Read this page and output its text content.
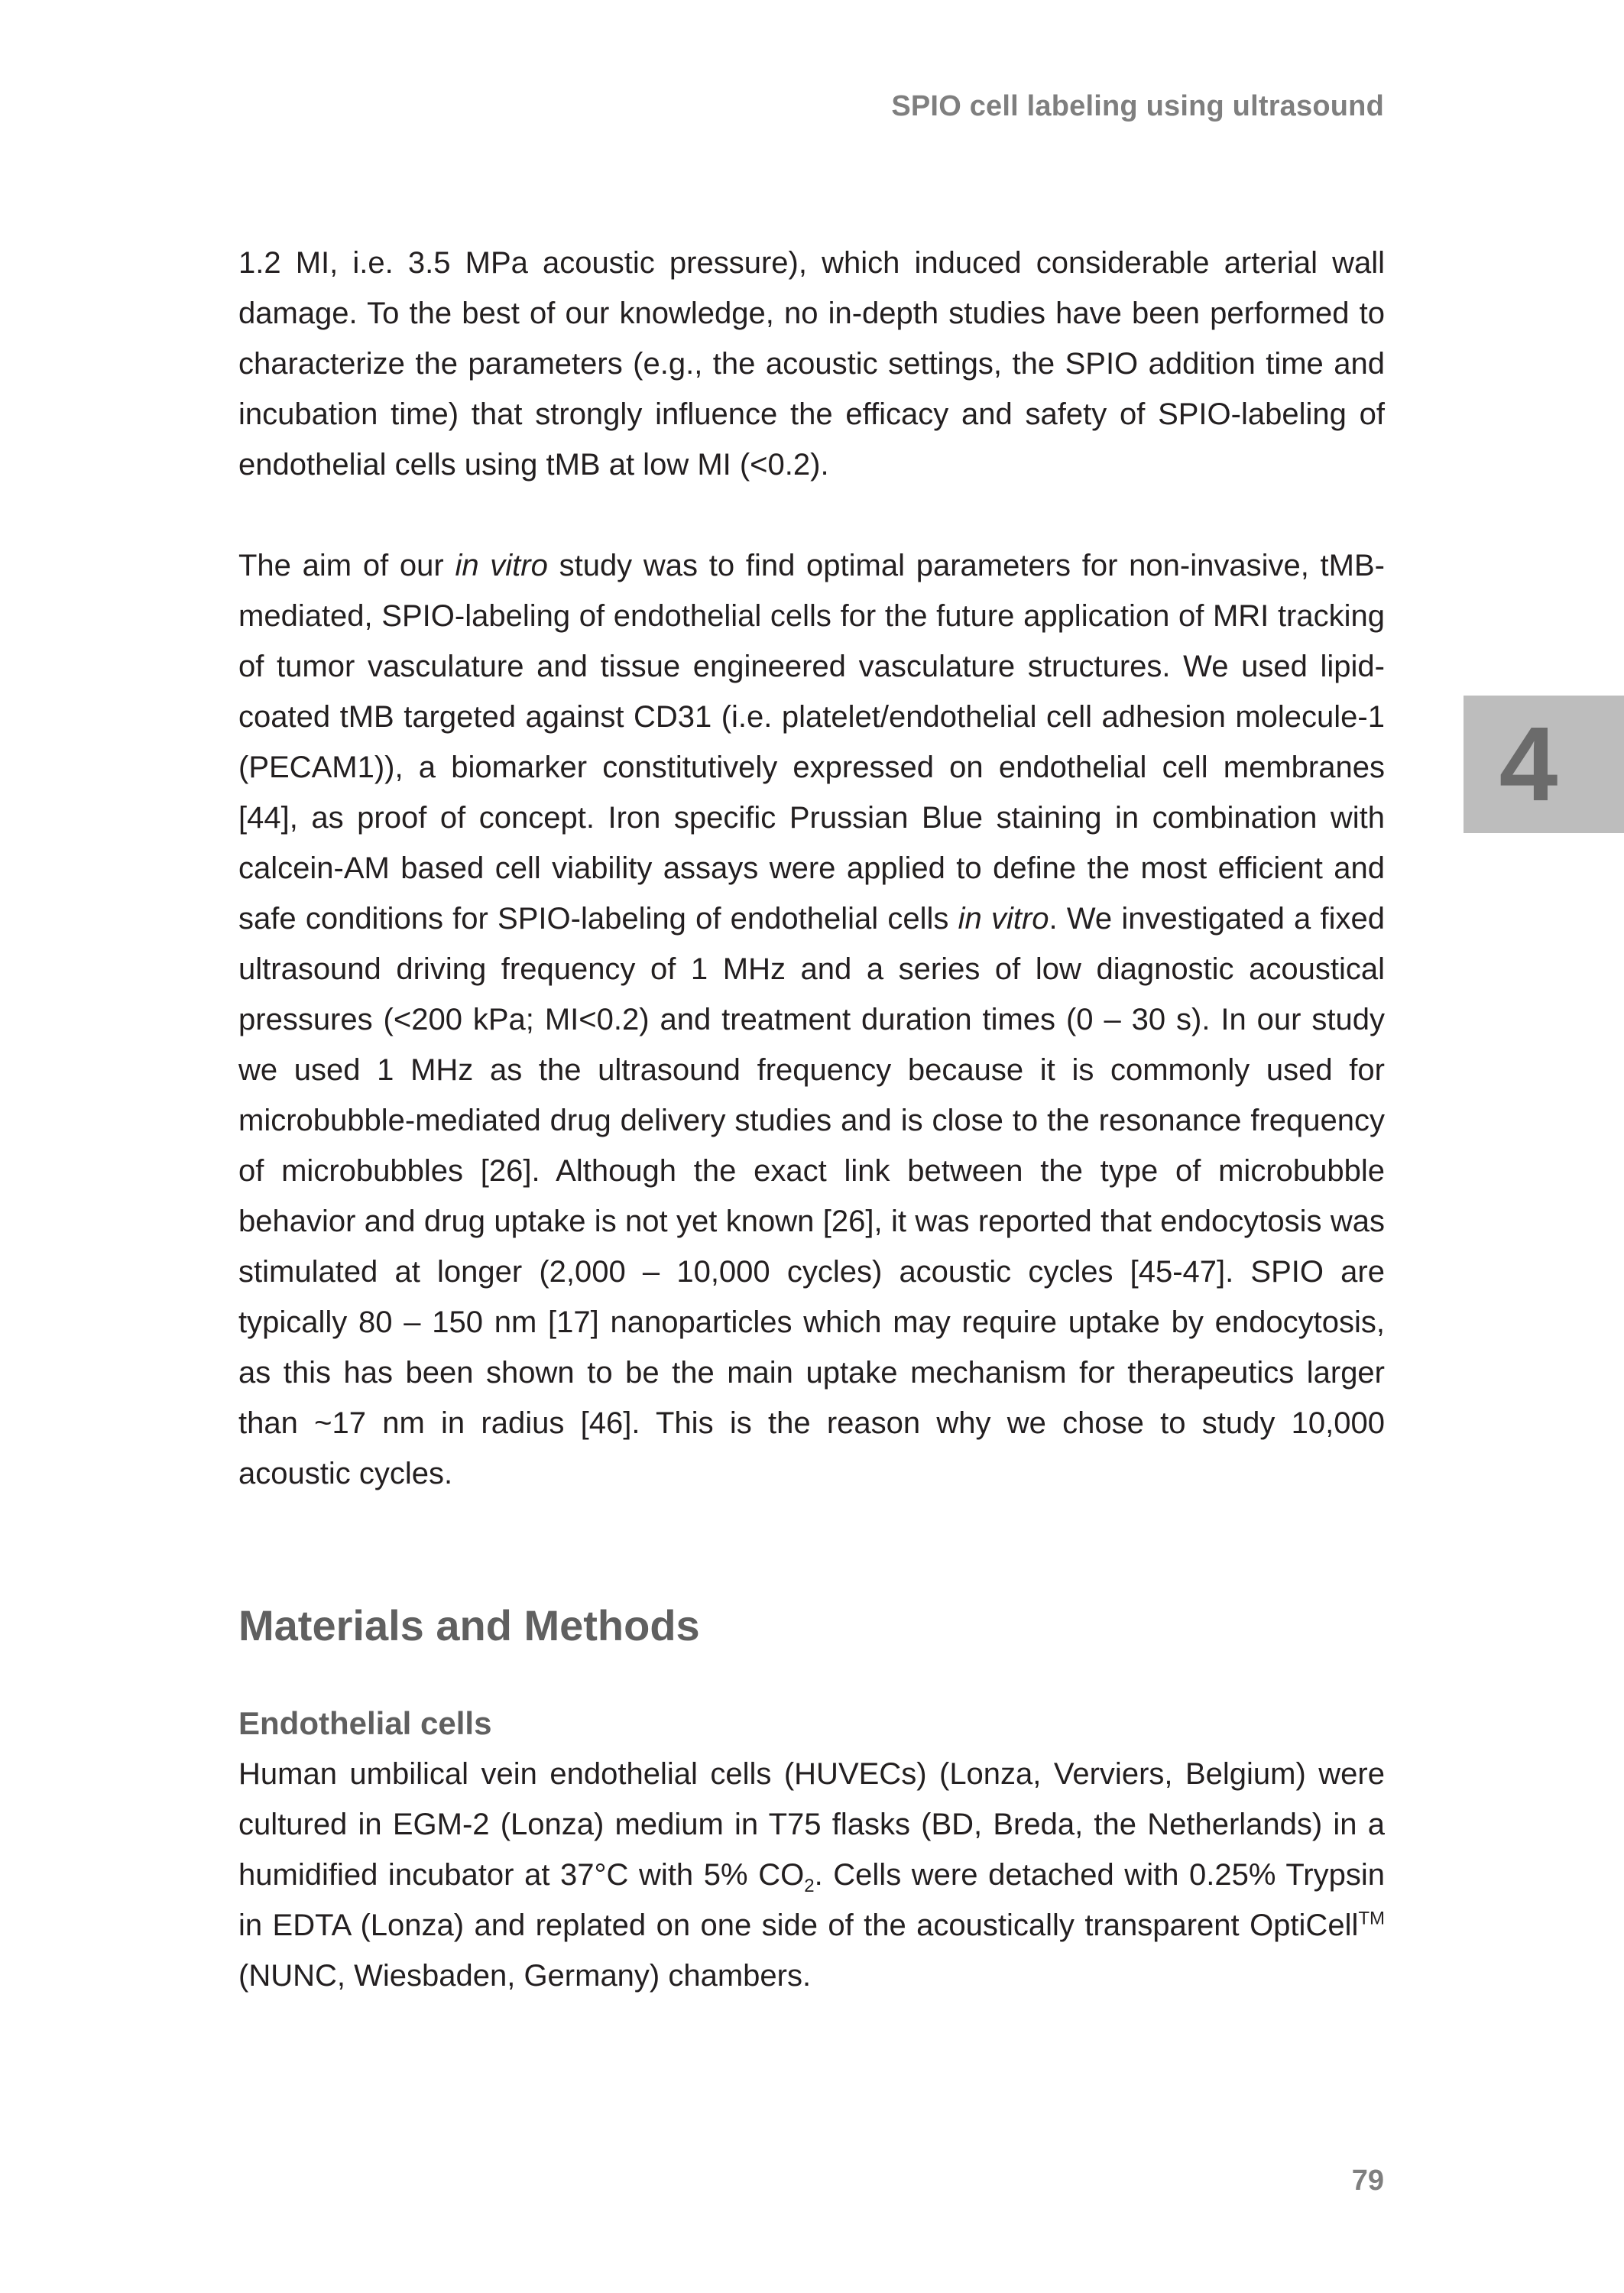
SPIO cell labeling using ultrasound
4

1.2 MI, i.e. 3.5 MPa acoustic pressure), which induced considerable arterial wall damage. To the best of our knowledge, no in-depth studies have been performed to characterize the parameters (e.g., the acoustic settings, the SPIO addition time and incubation time) that strongly influence the efficacy and safety of SPIO-labeling of endothelial cells using tMB at low MI (<0.2).

The aim of our in vitro study was to find optimal parameters for non-invasive, tMB-mediated, SPIO-labeling of endothelial cells for the future application of MRI tracking of tumor vasculature and tissue engineered vasculature structures. We used lipid-coated tMB targeted against CD31 (i.e. platelet/endothelial cell adhesion molecule-1 (PECAM1)), a biomarker constitutively expressed on endothelial cell membranes [44], as proof of concept. Iron specific Prussian Blue staining in combination with calcein-AM based cell viability assays were applied to define the most efficient and safe conditions for SPIO-labeling of endothelial cells in vitro. We investigated a fixed ultrasound driving frequency of 1 MHz and a series of low diagnostic acoustical pressures (<200 kPa; MI<0.2) and treatment duration times (0 – 30 s). In our study we used 1 MHz as the ultrasound frequency because it is commonly used for microbubble-mediated drug delivery studies and is close to the resonance frequency of microbubbles [26]. Although the exact link between the type of microbubble behavior and drug uptake is not yet known [26], it was reported that endocytosis was stimulated at longer (2,000 – 10,000 cycles) acoustic cycles [45-47]. SPIO are typically 80 – 150 nm [17] nanoparticles which may require uptake by endocytosis, as this has been shown to be the main uptake mechanism for therapeutics larger than ~17 nm in radius [46]. This is the reason why we chose to study 10,000 acoustic cycles.

Materials and Methods
Endothelial cells

Human umbilical vein endothelial cells (HUVECs) (Lonza, Verviers, Belgium) were cultured in EGM-2 (Lonza) medium in T75 flasks (BD, Breda, the Netherlands) in a humidified incubator at 37°C with 5% $CO_2$. Cells were detached with 0.25% Trypsin in EDTA (Lonza) and replated on one side of the acoustically transparent OptiCell™ (NUNC, Wiesbaden, Germany) chambers.

79
